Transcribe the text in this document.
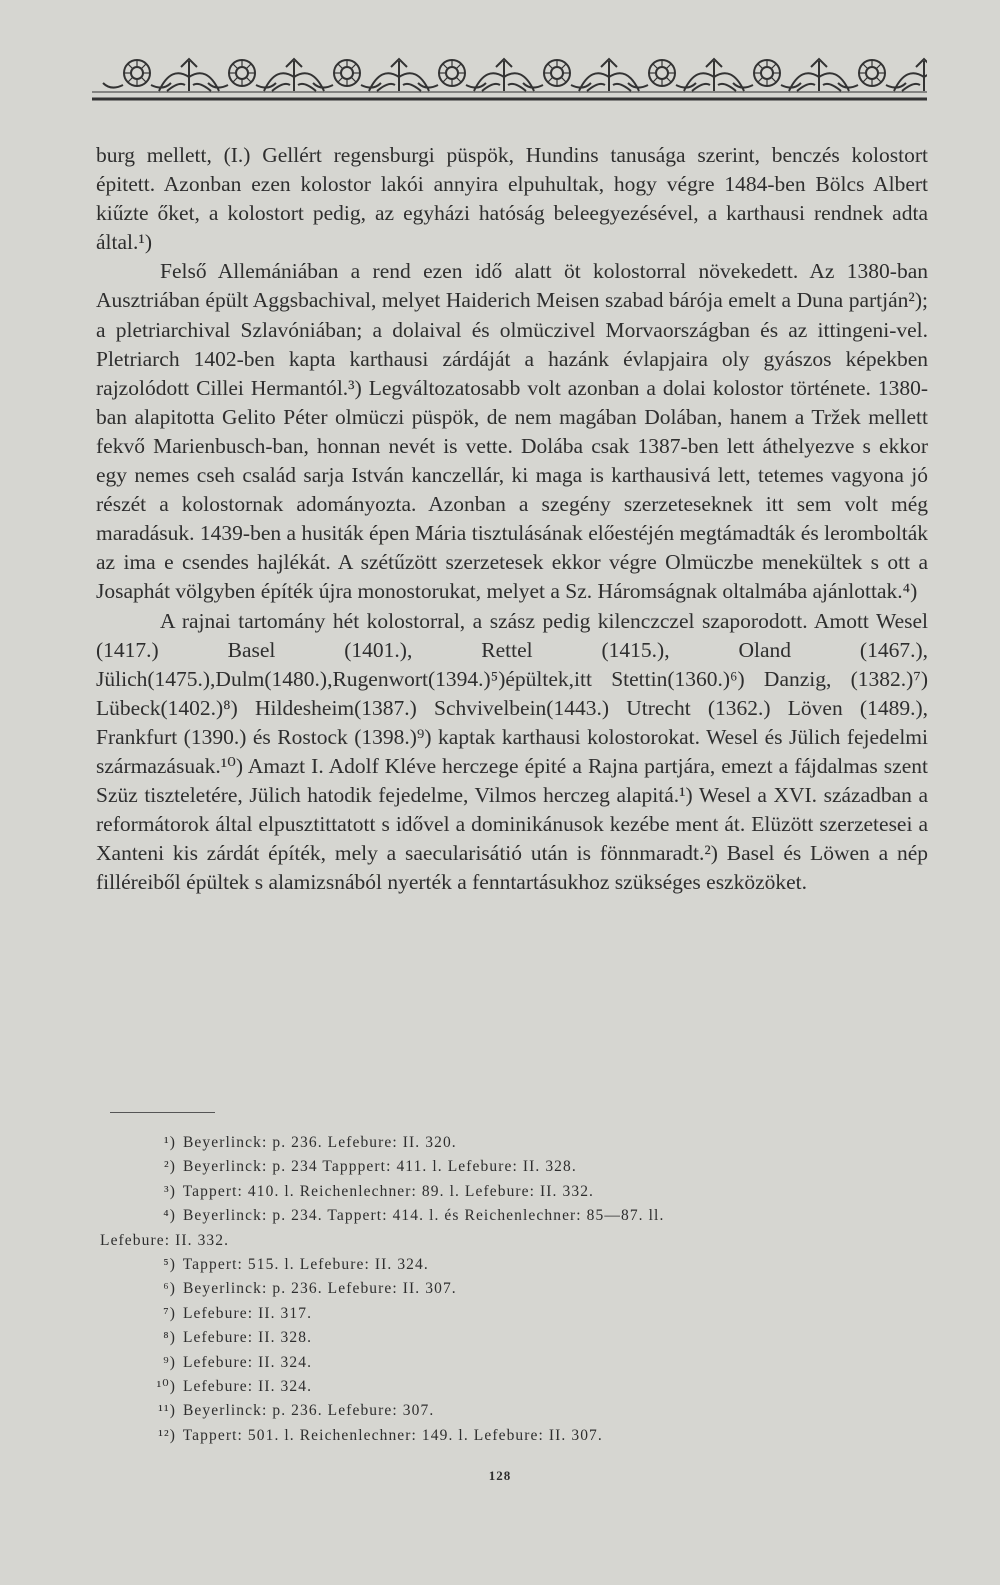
burg mellett, (I.) Gellért regensburgi püspök, Hundins tanusága szerint, benczés kolostort épitett. Azonban ezen kolostor lakói annyira elpuhultak, hogy végre 1484-ben Bölcs Albert kiűzte őket, a kolostort pedig, az egyházi hatóság beleegyezésével, a karthausi rendnek adta által.¹)

Felső Allemániában a rend ezen idő alatt öt kolostorral növekedett. Az 1380-ban Ausztriában épült Aggsbachival, melyet Haiderich Meisen szabad bárója emelt a Duna partján²); a pletriarchival Szlavóniában; a dolaival és olmüczivel Morvaországban és az ittingeni-vel. Pletriarch 1402-ben kapta karthausi zárdáját a hazánk évlapjaira oly gyászos képekben rajzolódott Cillei Hermantól.³) Legváltozatosabb volt azonban a dolai kolostor története. 1380-ban alapitotta Gelito Péter olmüczi püspök, de nem magában Dolában, hanem a Tržek mellett fekvő Marienbusch-ban, honnan nevét is vette. Dolába csak 1387-ben lett áthelyezve s ekkor egy nemes cseh család sarja István kanczellár, ki maga is karthausivá lett, tetemes vagyona jó részét a kolostornak adományozta. Azonban a szegény szerzeteseknek itt sem volt még maradásuk. 1439-ben a husiták épen Mária tisztulásának előestéjén megtámadták és lerombolták az ima e csendes hajlékát. A szétűzött szerzetesek ekkor végre Olmüczbe menekültek s ott a Josaphát völgyben építék újra monostorukat, melyet a Sz. Háromságnak oltalmába ajánlottak.⁴)

A rajnai tartomány hét kolostorral, a szász pedig kilenczczel szaporodott. Amott Wesel (1417.) Basel (1401.), Rettel (1415.), Oland (1467.), Jülich(1475.),Dulm(1480.),Rugenwort(1394.)⁵)épültek,itt Stettin(1360.)⁶) Danzig, (1382.)⁷) Lübeck(1402.)⁸) Hildesheim(1387.) Schvivelbein(1443.) Utrecht (1362.) Löven (1489.), Frankfurt (1390.) és Rostock (1398.)⁹) kaptak karthausi kolostorokat. Wesel és Jülich fejedelmi származásuak.¹⁰) Amazt I. Adolf Kléve herczege épité a Rajna partjára, emezt a fájdalmas szent Szüz tiszteletére, Jülich hatodik fejedelme, Vilmos herczeg alapitá.¹) Wesel a XVI. században a reformátorok által elpusztittatott s idővel a dominikánusok kezébe ment át. Elüzött szerzetesei a Xanteni kis zárdát építék, mely a saecularisátió után is fönnmaradt.²) Basel és Löwen a nép filléreiből épültek s alamizsnából nyerték a fenntartásukhoz szükséges eszközöket.

¹) Beyerlinck: p. 236. Lefebure: II. 320.
²) Beyerlinck: p. 234 Tapppert: 411. l. Lefebure: II. 328.
³) Tappert: 410. l. Reichenlechner: 89. l. Lefebure: II. 332.
⁴) Beyerlinck: p. 234. Tappert: 414. l. és Reichenlechner: 85—87. ll.
Lefebure: II. 332.
⁵) Tappert: 515. l. Lefebure: II. 324.
⁶) Beyerlinck: p. 236. Lefebure: II. 307.
⁷) Lefebure: II. 317.
⁸) Lefebure: II. 328.
⁹) Lefebure: II. 324.
¹⁰) Lefebure: II. 324.
¹¹) Beyerlinck: p. 236. Lefebure: 307.
¹²) Tappert: 501. l. Reichenlechner: 149. l. Lefebure: II. 307.
128
